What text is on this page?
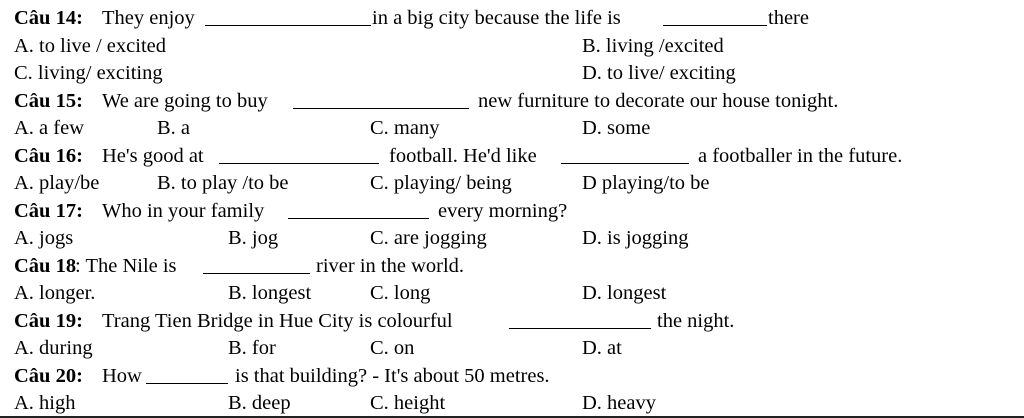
Câu 14: They enjoy	in a big city because the life is	there
A. to live / excited	B. living /excited
C. living/ exciting	D. to live/ exciting
Câu 15: We are going to buy	new furniture to decorate our house tonight.
A. a few	B. a	C. many	D. some
Câu 16: He's good at	football. He'd like	a footballer in the future.
A. play/be	B. to play /to be	C. playing/ being	D playing/to be
Câu 17: Who in your family	every morning?
A. jogs	B. jog	C. are jogging	D. is jogging
Câu 18
: The Nile is	river in the world.
A. longer.	B. longest	C. long	D. longest
Câu 19: Trang Tien Bridge in Hue City is colourful	the night.
A. during	B. for	C. on	D. at
Câu 20: How	is that building? - It's about 50 metres.
A. high	B. deep	C. height	D. heavy
